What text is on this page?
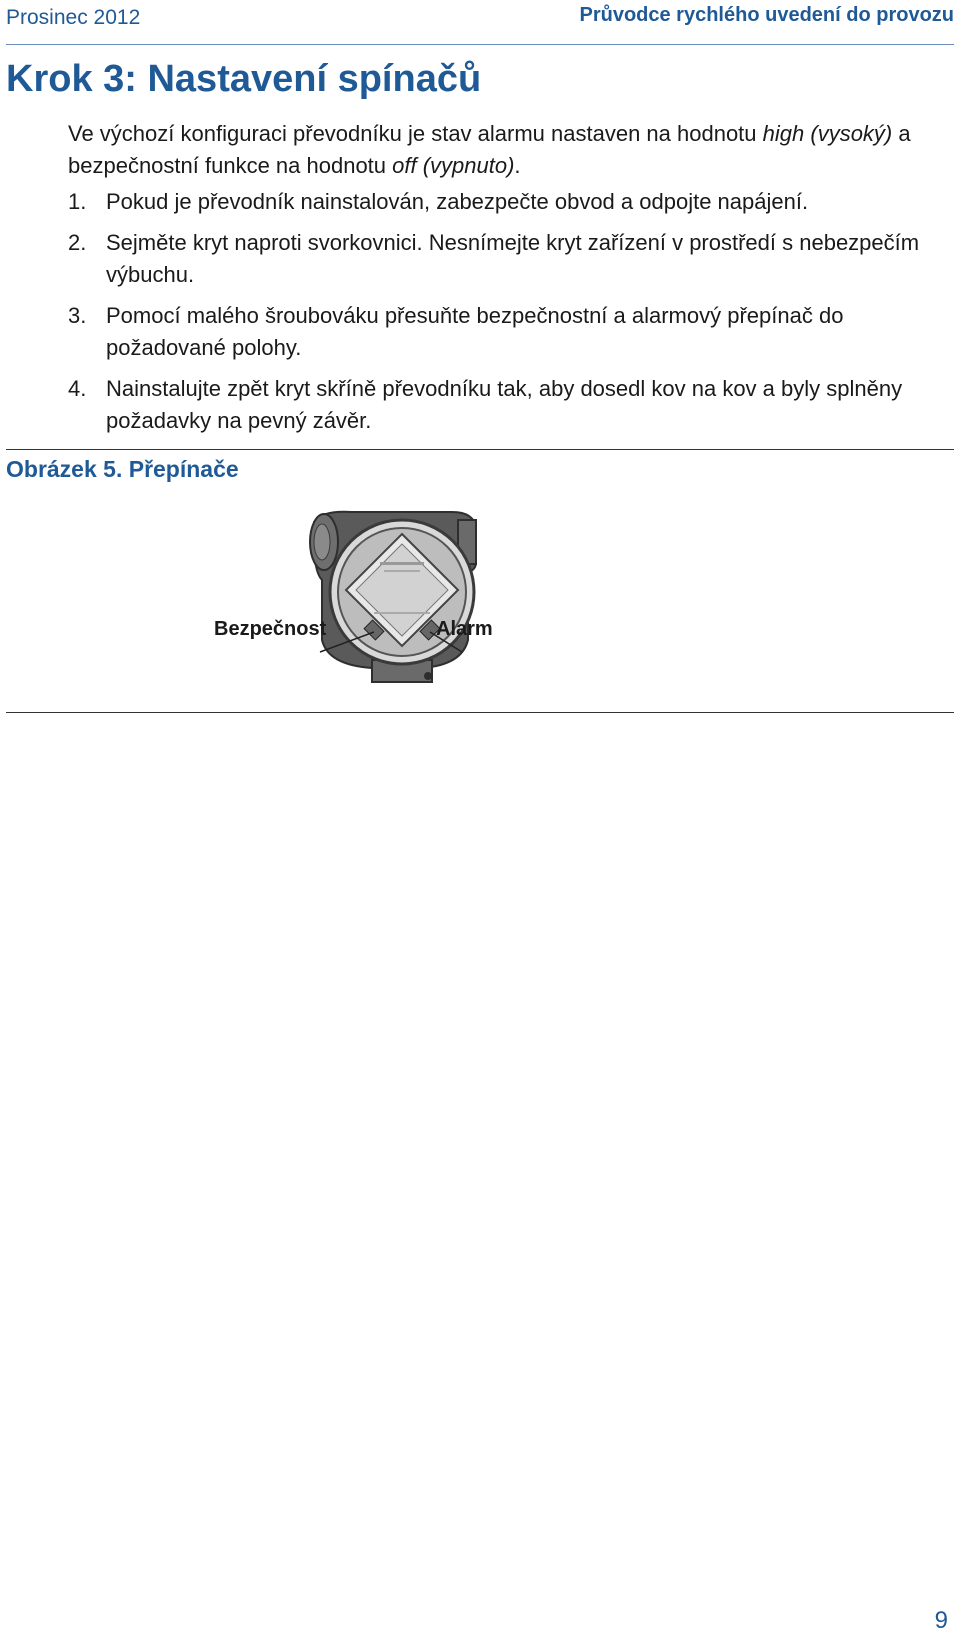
Prosinec 2012	Průvodce rychlého uvedení do provozu
Krok 3: Nastavení spínačů

Ve výchozí konfiguraci převodníku je stav alarmu nastaven na hodnotu high (vysoký) a bezpečnostní funkce na hodnotu off (vypnuto).

1. Pokud je převodník nainstalován, zabezpečte obvod a odpojte napájení.
2. Sejměte kryt naproti svorkovnici. Nesnímejte kryt zařízení v prostředí s nebezpečím výbuchu.
3. Pomocí malého šroubováku přesuňte bezpečnostní a alarmový přepínač do požadované polohy.
4. Nainstalujte zpět kryt skříně převodníku tak, aby dosedl kov na kov a byly splněny požadavky na pevný závěr.
Obrázek 5. Přepínače
Bezpečnost	Alarm
9
